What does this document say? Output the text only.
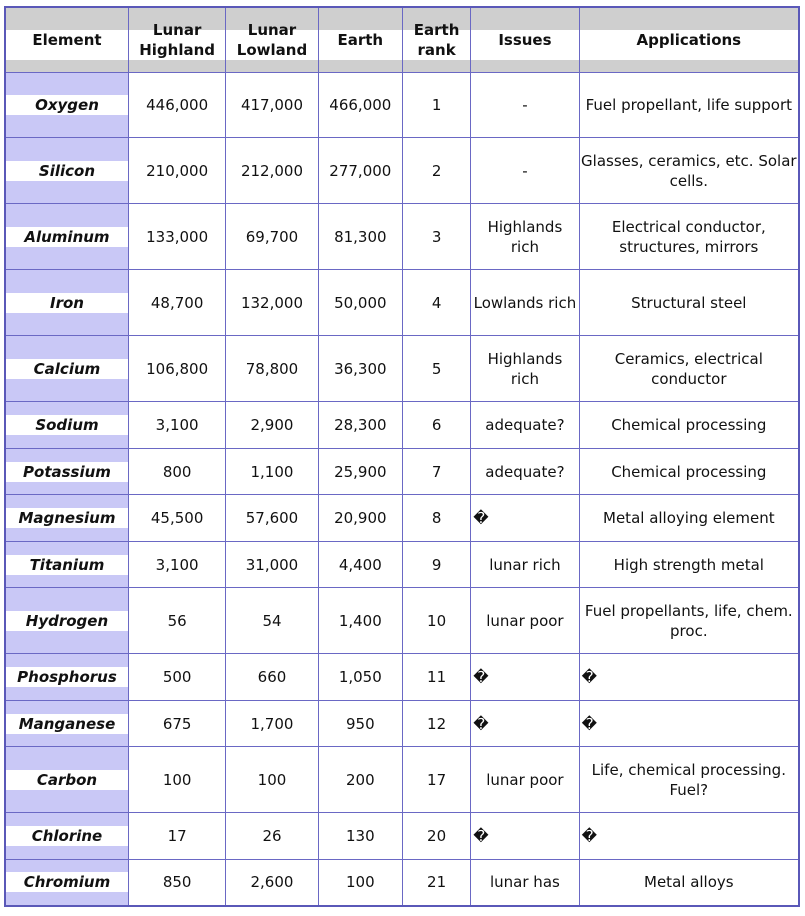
Element	Lunar Highland	Lunar Lowland	Earth	Earth rank	Issues	Applications

Oxygen	446,000	417,000	466,000	1	-	Fuel propellant, life support

Silicon	210,000	212,000	277,000	2	-	Glasses, ceramics, etc. Solar cells.

Aluminum	133,000	69,700	81,300	3	Highlands rich	Electrical conductor, structures, mirrors

Iron	48,700	132,000	50,000	4	Lowlands rich	Structural steel

Calcium	106,800	78,800	36,300	5	Highlands rich	Ceramics, electrical conductor

Sodium	3,100	2,900	28,300	6	adequate?	Chemical processing

Potassium	800	1,100	25,900	7	adequate?	Chemical processing

Magnesium	45,500	57,600	20,900	8	�	Metal alloying element

Titanium	3,100	31,000	4,400	9	lunar rich	High strength metal

Hydrogen	56	54	1,400	10	lunar poor	Fuel propellants, life, chem. proc.

Phosphorus	500	660	1,050	11	�	�

Manganese	675	1,700	950	12	�	�

Carbon	100	100	200	17	lunar poor	Life, chemical processing. Fuel?

Chlorine	17	26	130	20	�	�

Chromium	850	2,600	100	21	lunar has	Metal alloys
